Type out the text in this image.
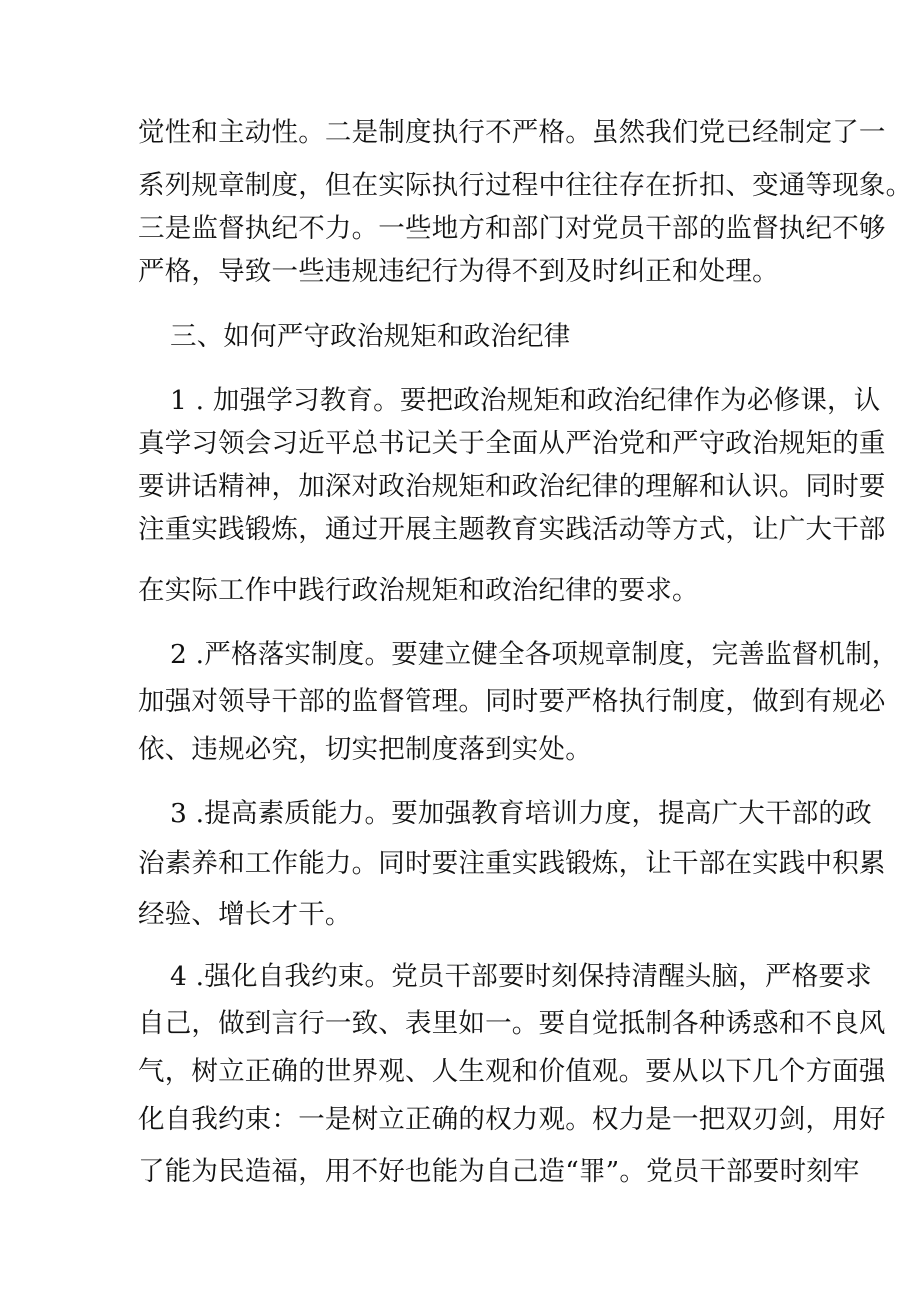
觉性和主动性。二是制度执行不严格。虽然我们党已经制定了一
系列规章制度，但在实际执行过程中往往存在折扣、变通等现象。
三是监督执纪不力。一些地方和部门对党员干部的监督执纪不够
严格，导致一些违规违纪行为得不到及时纠正和处理。
三、如何严守政治规矩和政治纪律
1 . 加强学习教育。要把政治规矩和政治纪律作为必修课，认
真学习领会习近平总书记关于全面从严治党和严守政治规矩的重
要讲话精神，加深对政治规矩和政治纪律的理解和认识。同时要
注重实践锻炼，通过开展主题教育实践活动等方式，让广大干部
在实际工作中践行政治规矩和政治纪律的要求。
2 .严格落实制度。要建立健全各项规章制度，完善监督机制，
加强对领导干部的监督管理。同时要严格执行制度，做到有规必
依、违规必究，切实把制度落到实处。
3 .提高素质能力。要加强教育培训力度，提高广大干部的政
治素养和工作能力。同时要注重实践锻炼，让干部在实践中积累
经验、增长才干。
4 .强化自我约束。党员干部要时刻保持清醒头脑，严格要求
自己，做到言行一致、表里如一。要自觉抵制各种诱惑和不良风
气，树立正确的世界观、人生观和价值观。要从以下几个方面强
化自我约束：一是树立正确的权力观。权力是一把双刃剑，用好
了能为民造福，用不好也能为自己造“罪”。党员干部要时刻牢
